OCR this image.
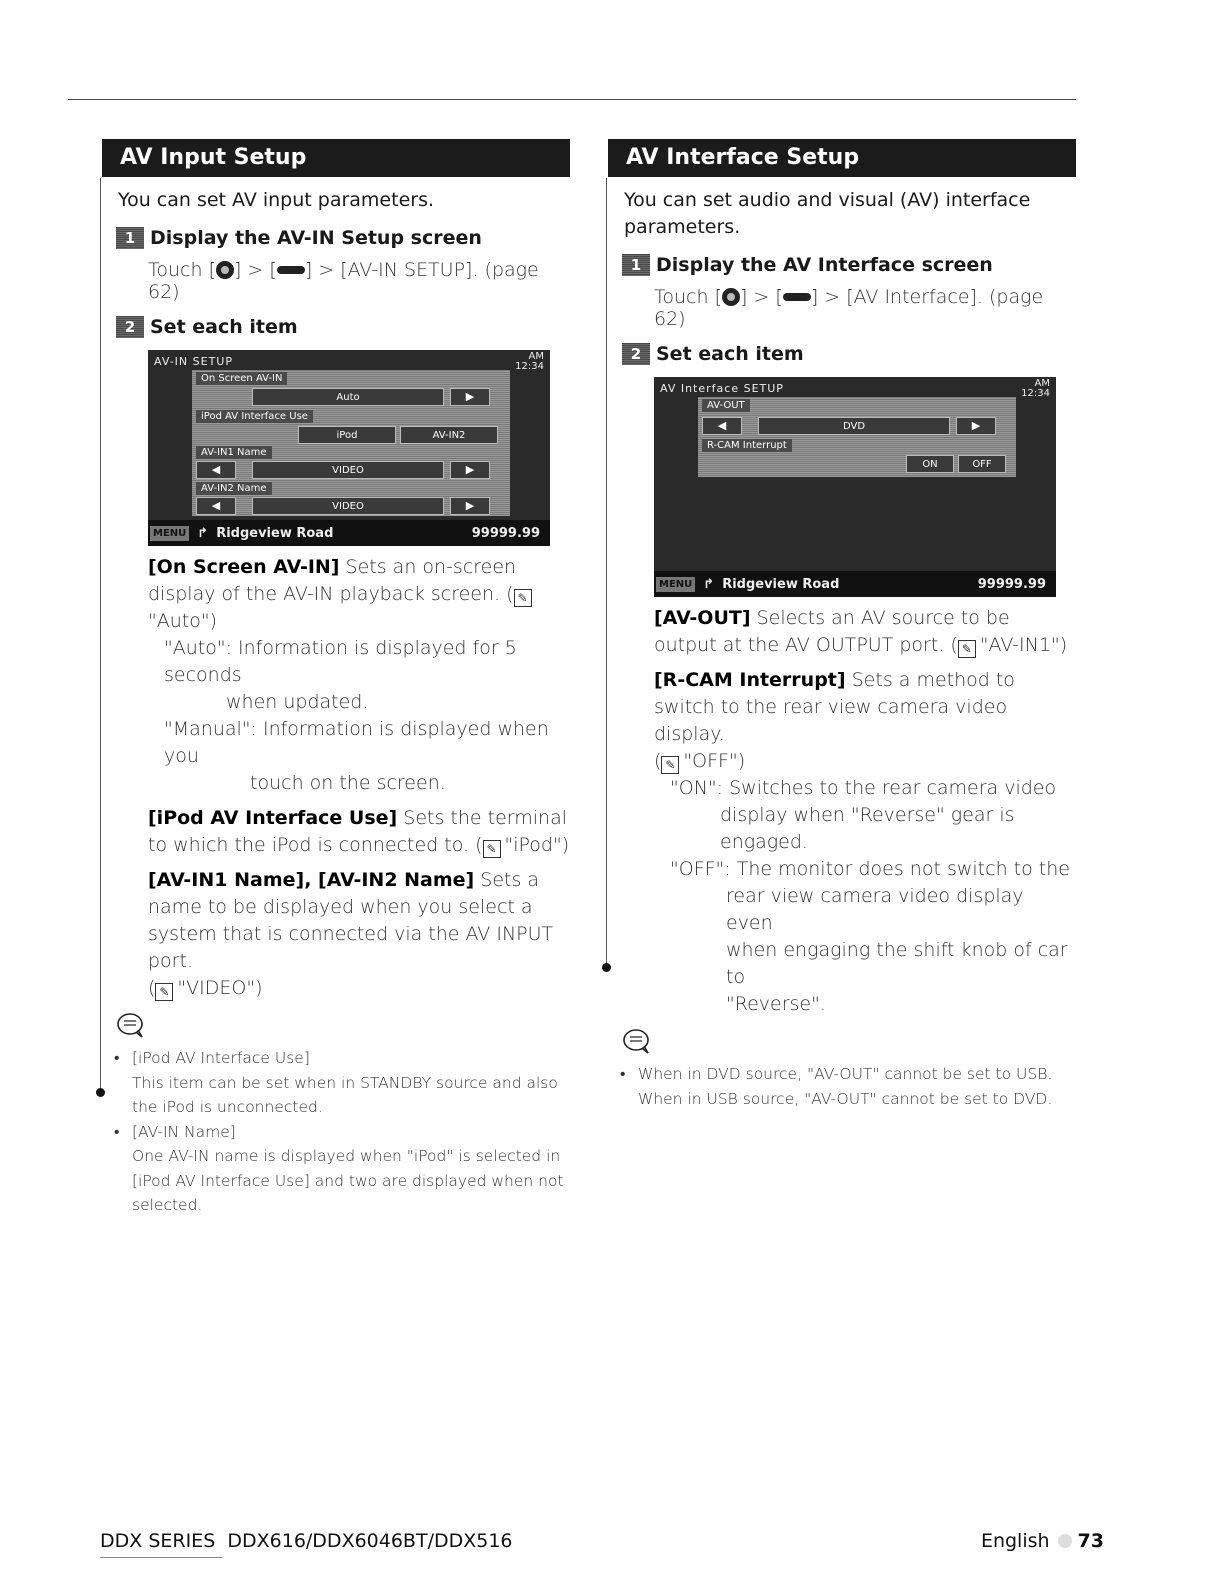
AV Input Setup
You can set AV input parameters.
1 Display the AV-IN Setup screen
Touch [ ] > [ ] > [AV-IN SETUP]. (page 62)
2 Set each item
AV-IN SETUP	AM
12:34
On Screen AV-IN
Auto	▶
iPod AV Interface Use
iPod	AV-IN2
AV-IN1 Name
◀	VIDEO	▶
AV-IN2 Name
◀	VIDEO	▶
MENU ↱ Ridgeview Road	99999.99
[On Screen AV-IN] Sets an on-screen display of the AV-IN playback screen. ( ✎"Auto")
"Auto": Information is displayed for 5 seconds
when updated.
"Manual": Information is displayed when you
touch on the screen.
[iPod AV Interface Use] Sets the terminal to which the iPod is connected to. ( ✎ "iPod")
[AV-IN1 Name], [AV-IN2 Name] Sets a name to be displayed when you select a system that is connected via the AV INPUT port.
( ✎ "VIDEO")
• [iPod AV Interface Use]
This item can be set when in STANDBY source and also the iPod is unconnected.
• [AV-IN Name]
One AV-IN name is displayed when "iPod" is selected in [iPod AV Interface Use] and two are displayed when not selected.
AV Interface Setup
You can set audio and visual (AV) interface parameters.
1 Display the AV Interface screen
Touch [ ] > [ ] > [AV Interface]. (page 62)
2 Set each item
AV Interface SETUP	AM
12:34
AV-OUT
◀	DVD	▶
R-CAM Interrupt
ON	OFF
MENU ↱ Ridgeview Road	99999.99
[AV-OUT] Selects an AV source to be output at the AV OUTPUT port. ( ✎ "AV-IN1")
[R-CAM Interrupt] Sets a method to switch to the rear view camera video display.
( ✎ "OFF")
"ON": Switches to the rear camera video
display when "Reverse" gear is engaged.
"OFF": The monitor does not switch to the
rear view camera video display even
when engaging the shift knob of car to
"Reverse".
• When in DVD source, "AV-OUT" cannot be set to USB.
When in USB source, "AV-OUT" cannot be set to DVD.
DDX SERIES DDX616/DDX6046BT/DDX516	English 73
